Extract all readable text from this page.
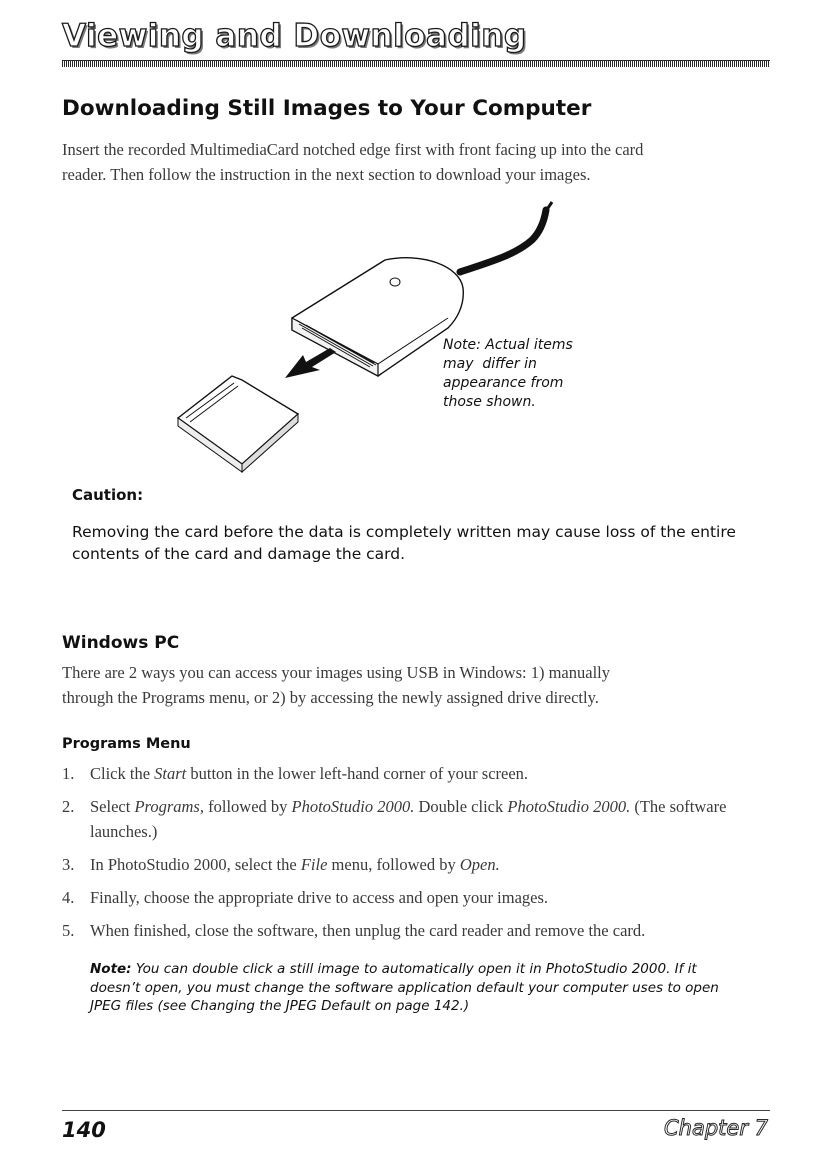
Viewing and Downloading
Downloading Still Images to Your Computer

Insert the recorded MultimediaCard notched edge first with front facing up into the card

reader. Then follow the instruction in the next section to download your images.

Note: Actual items
may  differ in
appearance from
those shown.

Caution:

Removing the card before the data is completely written may cause loss of the entire contents of the card and damage the card.

Windows PC

There are 2 ways you can access your images using USB in Windows: 1) manually

through the Programs menu, or 2) by accessing the newly assigned drive directly.

Programs Menu
1. Click the Start button in the lower left-hand corner of your screen.
2. Select Programs, followed by PhotoStudio 2000. Double click PhotoStudio 2000. (The software launches.)
3. In PhotoStudio 2000, select the File menu, followed by Open.
4. Finally, choose the appropriate drive to access and open your images.
5. When finished, close the software, then unplug the card reader and remove the card.

Note: You can double click a still image to automatically open it in PhotoStudio 2000. If it doesn’t open, you must change the software application default your computer uses to open JPEG files (see Changing the JPEG Default on page 142.)

140	Chapter 7
